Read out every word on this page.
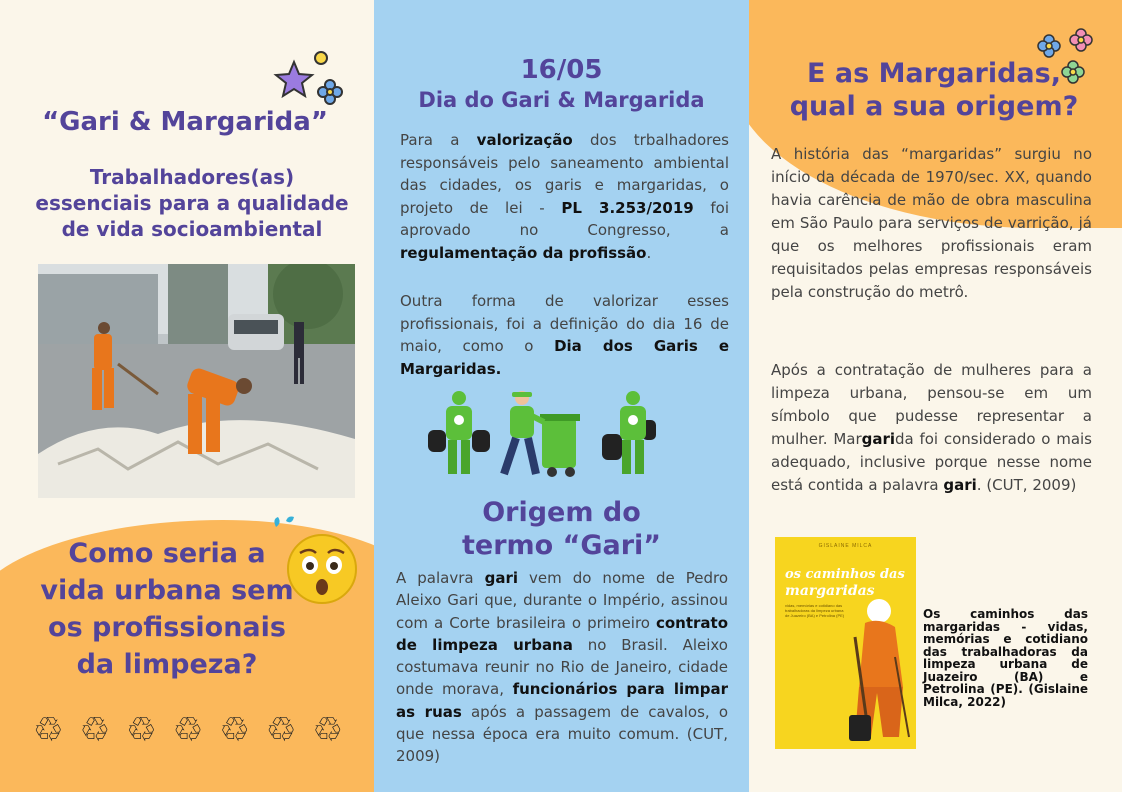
“Gari & Margarida”
Trabalhadores(as)
essenciais para a qualidade
de vida socioambiental
Como seria a
vida urbana sem
os profissionais
da limpeza?
♲ ♲ ♲ ♲ ♲ ♲ ♲
16/05
Dia do Gari & Margarida

Para a valorização dos trbalhadores responsáveis pelo saneamento ambiental das cidades, os garis e margaridas, o projeto de lei - PL 3.253/2019 foi aprovado no Congresso, a regulamentação da profissão.

Outra forma de valorizar esses profissionais, foi a definição do dia 16 de maio, como o Dia dos Garis e Margaridas.

Origem do
termo “Gari”

A palavra gari vem do nome de Pedro Aleixo Gari que, durante o Império, assinou com a Corte brasileira o primeiro contrato de limpeza urbana no Brasil. Aleixo costumava reunir no Rio de Janeiro, cidade onde morava, funcionários para limpar as ruas após a passagem de cavalos, o que nessa época era muito comum. (CUT, 2009)

E as Margaridas,
qual a sua origem?

A história das “margaridas” surgiu no início da década de 1970/sec. XX, quando havia carência de mão de obra masculina em São Paulo para serviços de varrição, já que os melhores profissionais eram requisitados pelas empresas responsáveis pela construção do metrô.

Após a contratação de mulheres para a limpeza urbana, pensou-se em um símbolo que pudesse representar a mulher. Margarida foi considerado o mais adequado, inclusive porque nesse nome está contida a palavra gari. (CUT, 2009)

GISLAINE MILCA
os caminhos das
margaridas
vidas, memórias e cotidiano das trabalhadoras da limpeza urbana de Juazeiro (BA) e Petrolina (PE)	Os caminhos das margaridas - vidas, memórias e cotidiano das trabalhadoras da limpeza urbana de Juazeiro (BA) e Petrolina (PE). (Gislaine Milca, 2022)
